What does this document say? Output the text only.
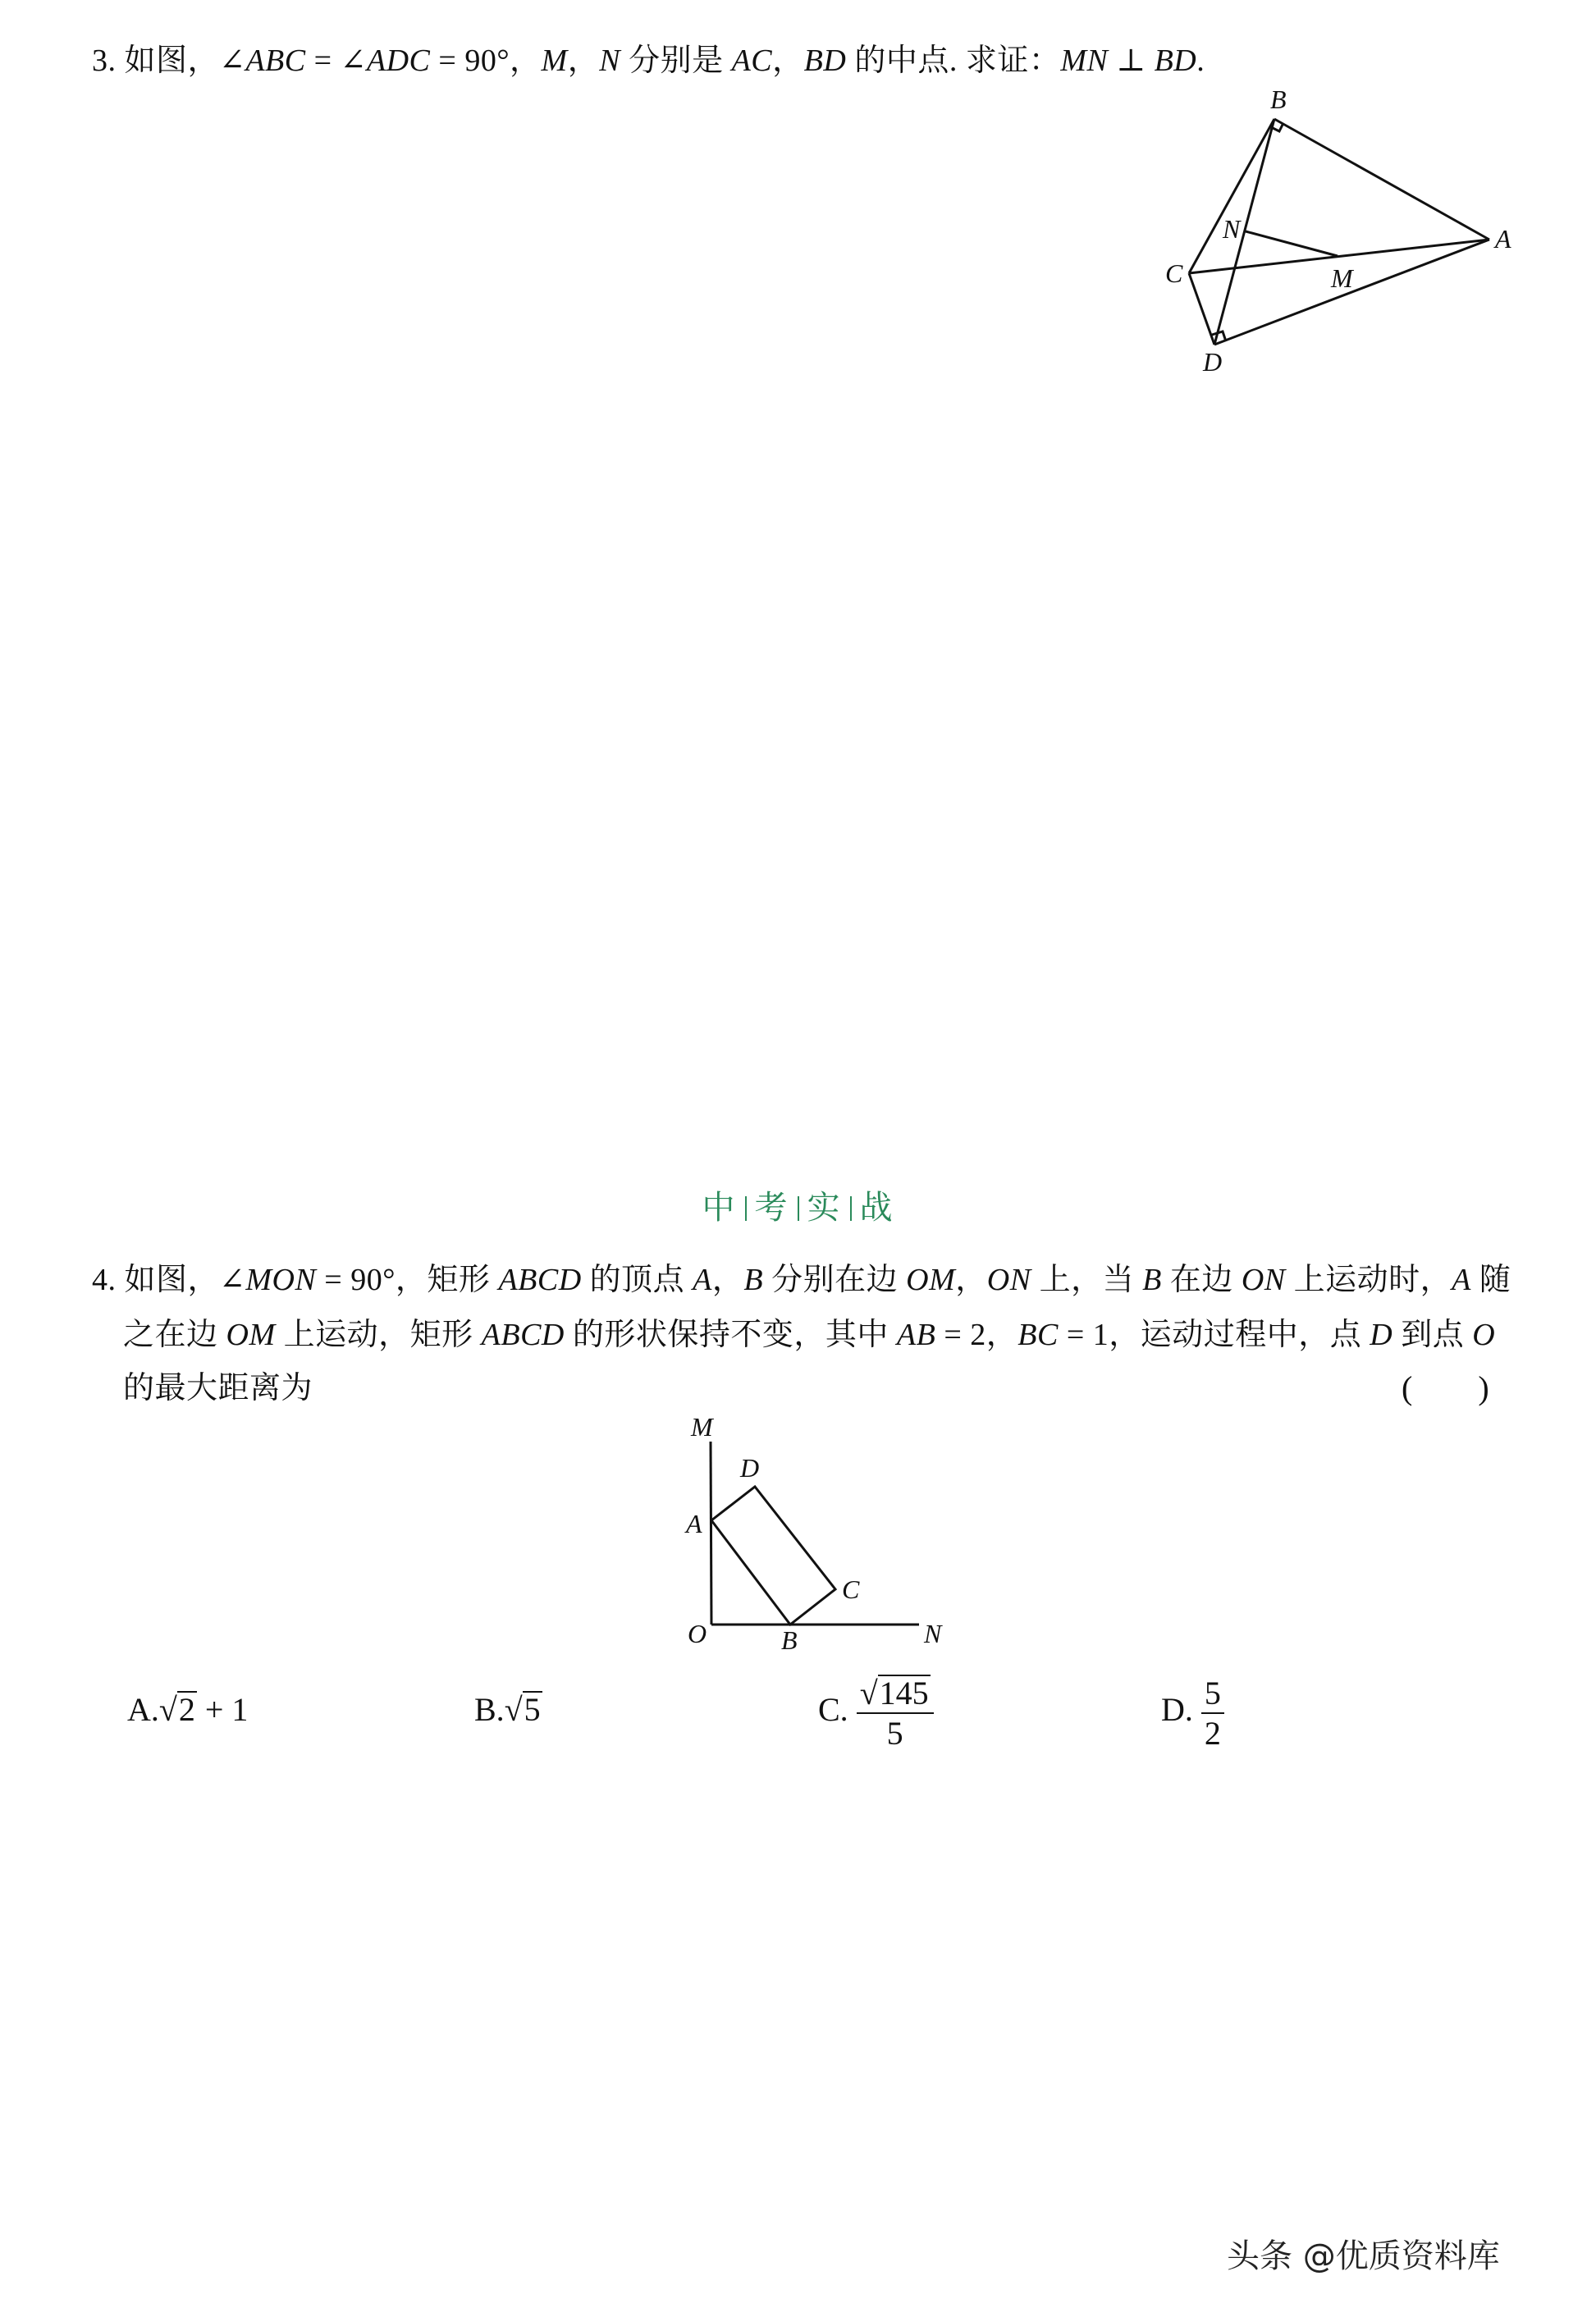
3. 如图，∠ABC = ∠ADC = 90°，M，N 分别是 AC，BD 的中点. 求证：MN ⊥ BD.
B
A
C
D
N
M
中 考 实 战
4. 如图，∠MON = 90°，矩形 ABCD 的顶点 A，B 分别在边 OM，ON 上，当 B 在边 ON 上运动时，A 随
之在边 OM 上运动，矩形 ABCD 的形状保持不变，其中 AB = 2，BC = 1，运动过程中，点 D 到点 O
的最大距离为	(　　)
M
D
A
C
O	B	N
A.√2 + 1	B.√5	C. $\frac{√145}{5}$	D. $\frac{5}{2}$
头条 @优质资料库
